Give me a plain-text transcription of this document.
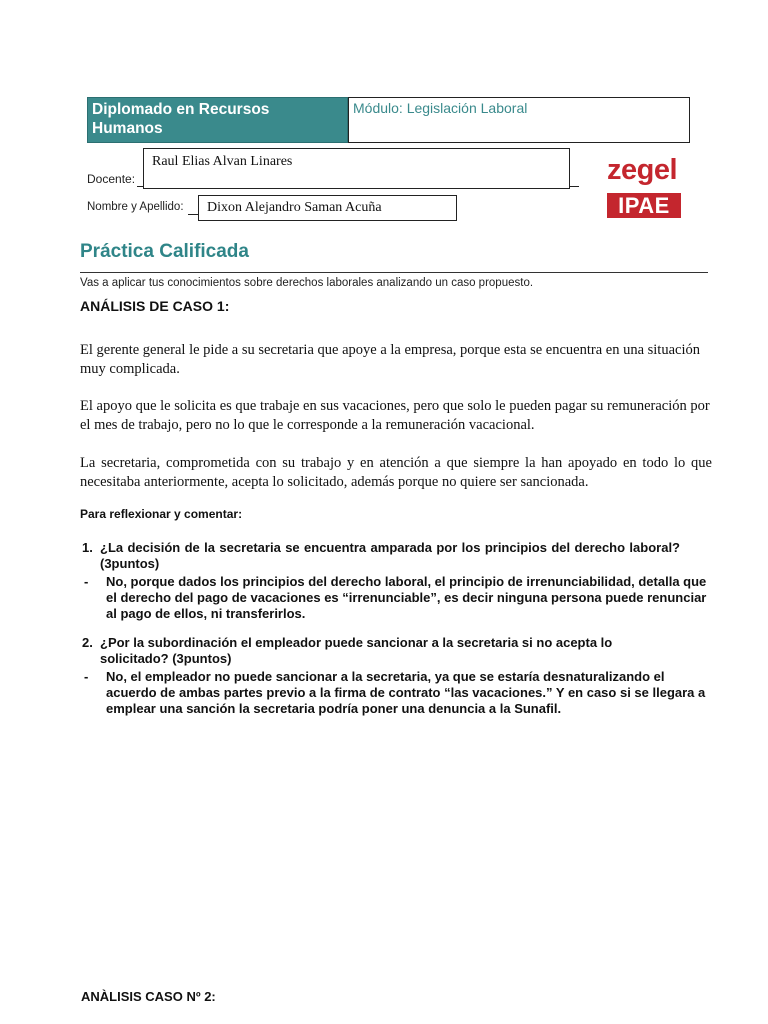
Diplomado en Recursos Humanos
Módulo: Legislación Laboral
Docente:
Raul Elias Alvan Linares
Nombre y Apellido:	Dixon Alejandro Saman Acuña
zegel
IPAE
Práctica Calificada
Vas a aplicar tus conocimientos sobre derechos laborales analizando un caso propuesto.
ANÁLISIS DE CASO 1:
El gerente general le pide a su secretaria que apoye a la empresa, porque esta se encuentra en una situación muy complicada.
El apoyo que le solicita es que trabaje en sus vacaciones, pero que solo le pueden pagar su remuneración por el mes de trabajo, pero no lo que le corresponde a la remuneración vacacional.
La secretaria, comprometida con su trabajo y en atención a que siempre la han apoyado en todo lo que necesitaba anteriormente, acepta lo solicitado, además porque no quiere ser sancionada.
Para reflexionar y comentar:
1. ¿La decisión de la secretaria se encuentra amparada por los principios del derecho laboral? (3puntos)
- No, porque dados los principios del derecho laboral, el principio de irrenunciabilidad, detalla que el derecho del pago de vacaciones es “irrenunciable”, es decir ninguna persona puede renunciar al pago de ellos, ni transferirlos.
2. ¿Por la subordinación el empleador puede sancionar a la secretaria si no acepta lo solicitado? (3puntos)
- No, el empleador no puede sancionar a la secretaria, ya que se estaría desnaturalizando el acuerdo de ambas partes previo a la firma de contrato “las vacaciones.” Y en caso si se llegara a emplear una sanción la secretaria podría poner una denuncia a la Sunafil.
ANÀLISIS CASO Nº 2:
